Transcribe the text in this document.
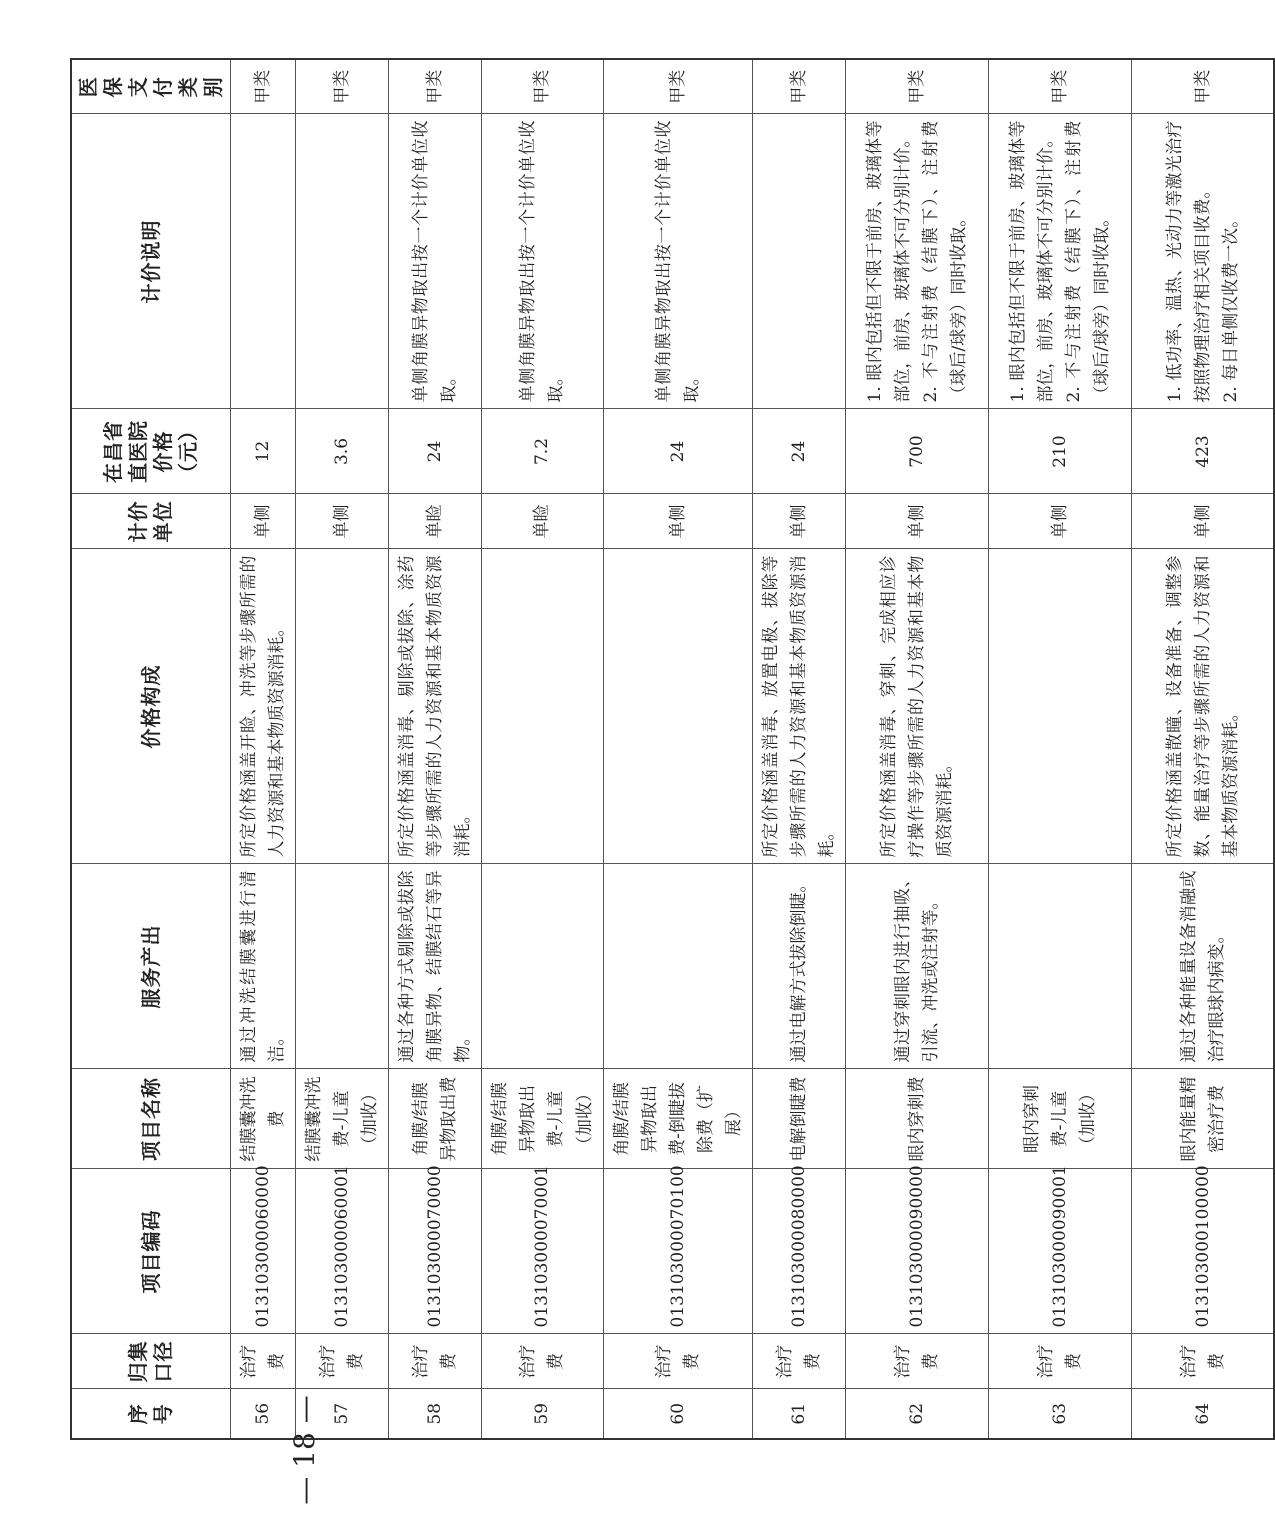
序号	归集口径	项目编码	项目名称	服务产出	价格构成	计价单位	在昌省直医院价格（元）	计价说明	医保支付类别
56	治疗费	013103000060000	结膜囊冲洗费	通过冲洗结膜囊进行清洁。	所定价格涵盖开睑、冲洗等步骤所需的人力资源和基本物质资源消耗。	单侧	12		甲类
57	治疗费	013103000060001	结膜囊冲洗费-儿童（加收）			单侧	3.6		甲类
58	治疗费	013103000070000	角膜/结膜异物取出费	通过各种方式剔除或拔除角膜异物、结膜结石等异物。	所定价格涵盖消毒、剔除或拔除、涂药等步骤所需的人力资源和基本物质资源消耗。	单睑	24	单侧角膜异物取出按一个计价单位收取。	甲类
59	治疗费	013103000070001	角膜/结膜异物取出费-儿童（加收）			单睑	7.2	单侧角膜异物取出按一个计价单位收取。	甲类
60	治疗费	013103000070100	角膜/结膜异物取出费-倒睫拔除费（扩展）			单侧	24	单侧角膜异物取出按一个计价单位收取。	甲类
61	治疗费	013103000080000	电解倒睫费	通过电解方式拔除倒睫。	所定价格涵盖消毒、放置电极、拔除等步骤所需的人力资源和基本物质资源消耗。	单侧	24		甲类
62	治疗费	013103000090000	眼内穿刺费	通过穿刺眼内进行抽吸、引流、冲洗或注射等。	所定价格涵盖消毒、穿刺、完成相应诊疗操作等步骤所需的人力资源和基本物质资源消耗。	单侧	700	1. 眼内包括但不限于前房、玻璃体等部位，前房、玻璃体不可分别计价。 2. 不与注射费（结膜下）、注射费（球后/球旁）同时收取。	甲类
63	治疗费	013103000090001	眼内穿刺费-儿童（加收）			单侧	210	1. 眼内包括但不限于前房、玻璃体等部位，前房、玻璃体不可分别计价。 2. 不与注射费（结膜下）、注射费（球后/球旁）同时收取。	甲类
64	治疗费	013103000100000	眼内能量精密治疗费	通过各种能量设备消融或治疗眼球内病变。	所定价格涵盖散瞳、设备准备、调整参数、能量治疗等步骤所需的人力资源和基本物质资源消耗。	单侧	423	1. 低功率、温热、光动力等激光治疗按照物理治疗相关项目收费。 2. 每日单侧仅收费一次。	甲类
— 18 —
